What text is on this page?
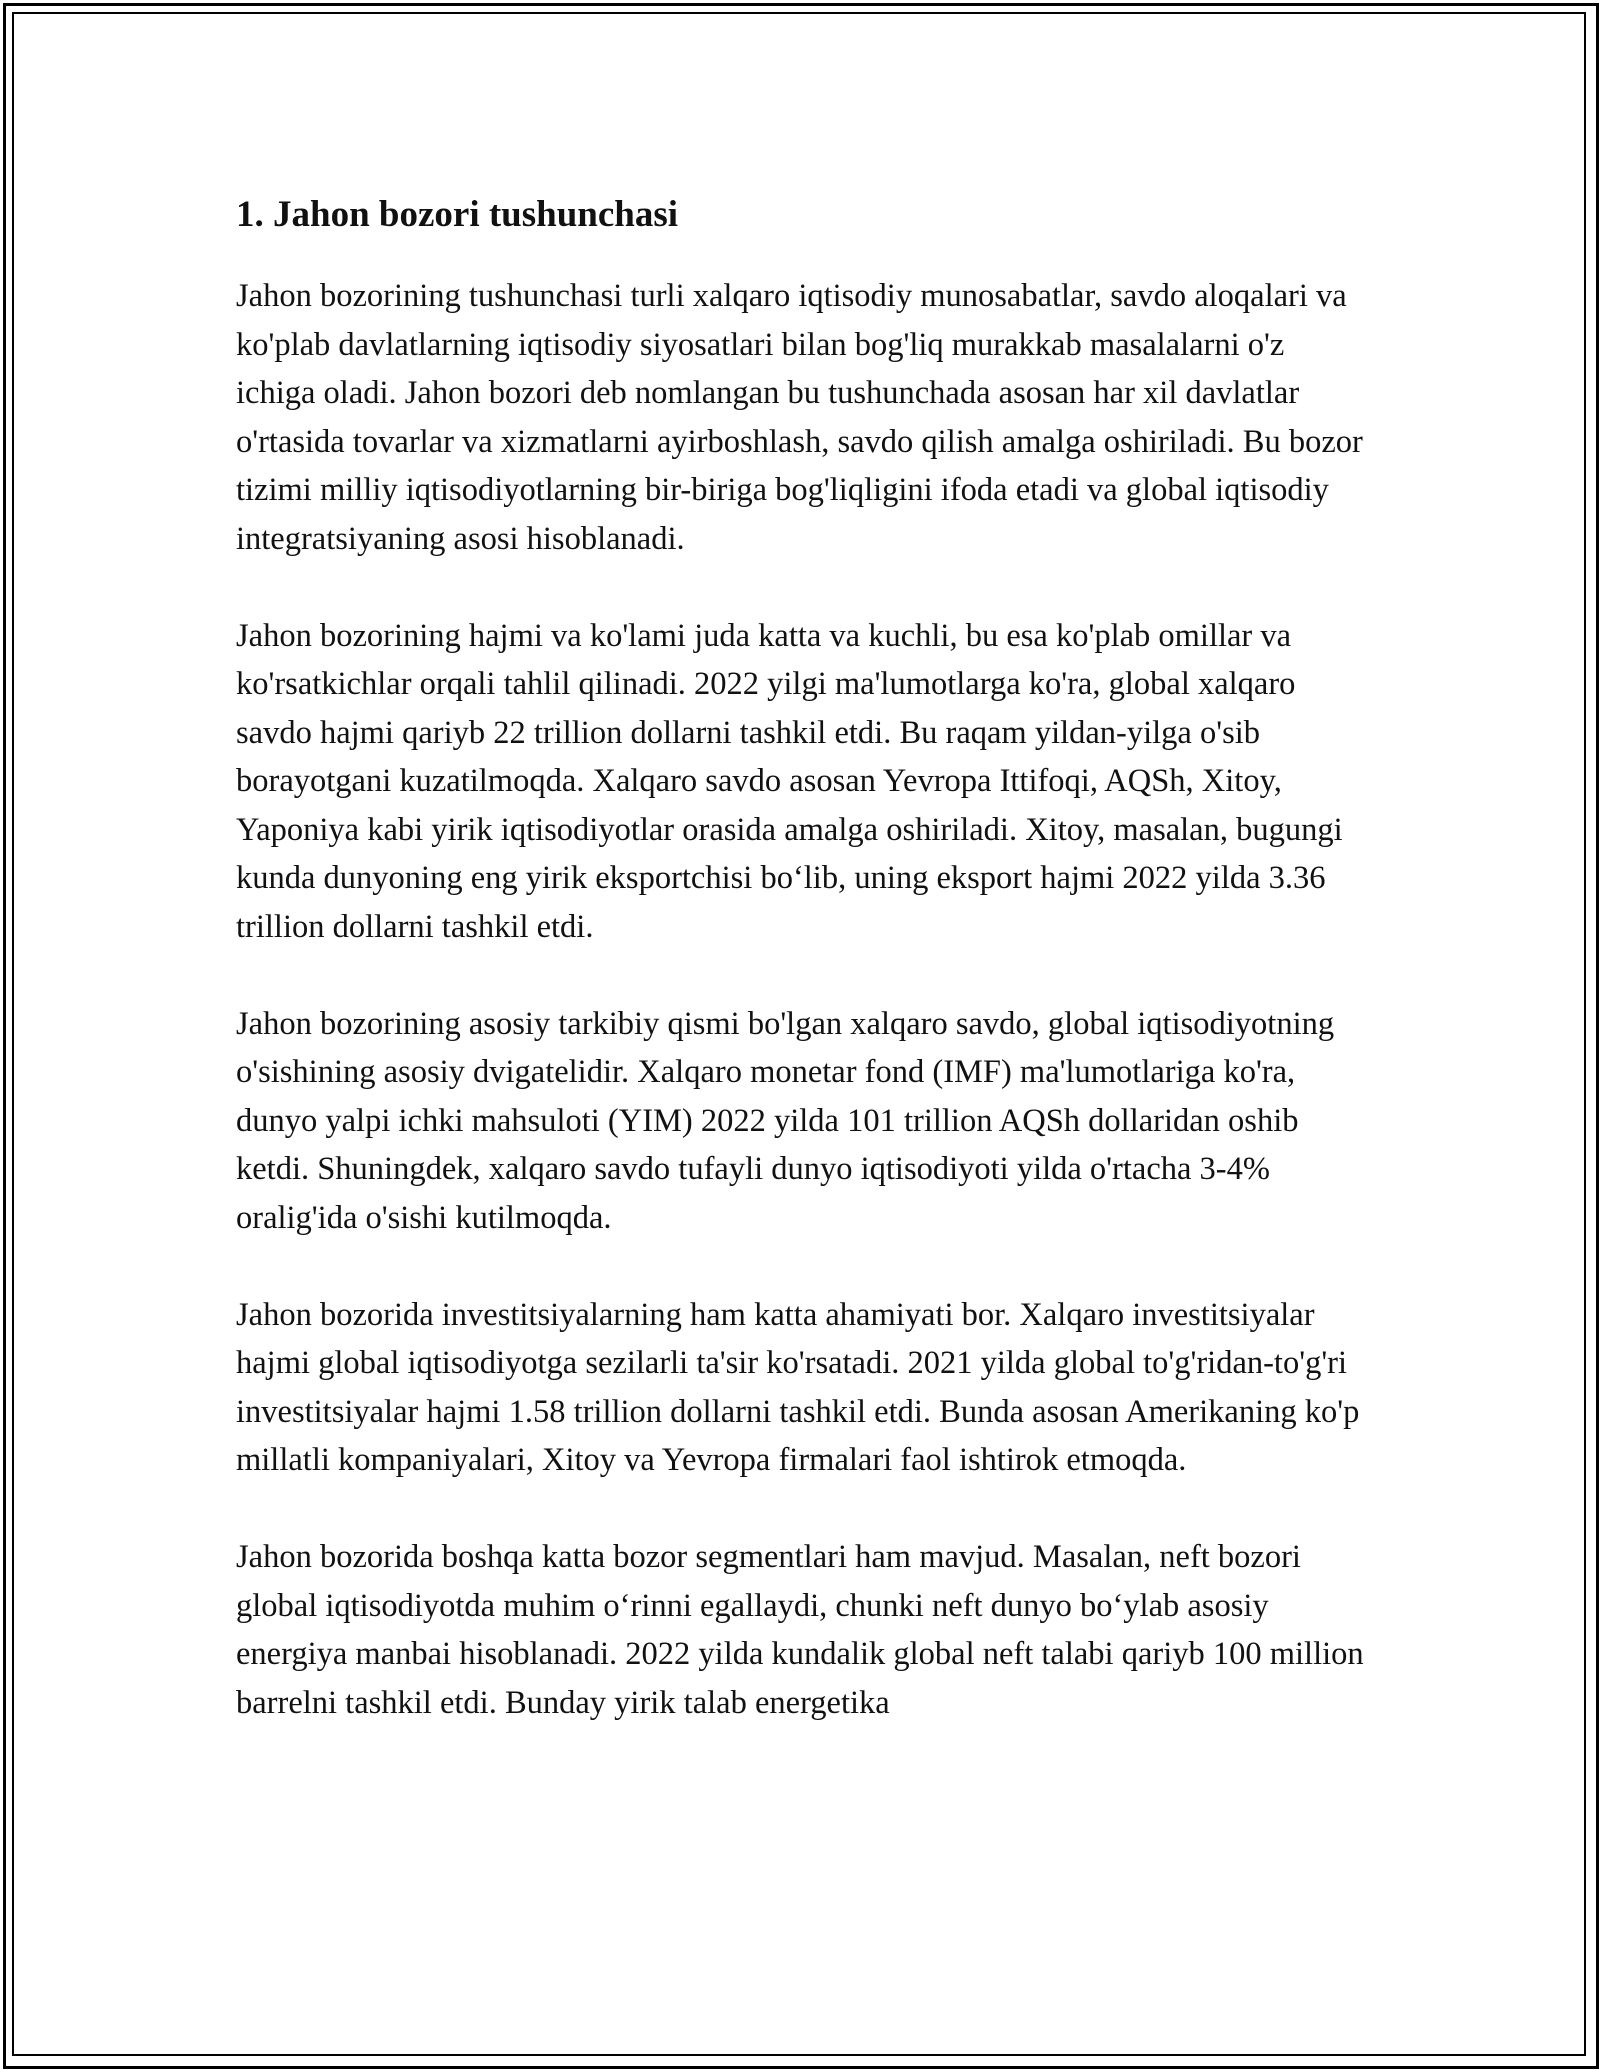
1. Jahon bozori tushunchasi

Jahon bozorining tushunchasi turli xalqaro iqtisodiy munosabatlar, savdo aloqalari va ko'plab davlatlarning iqtisodiy siyosatlari bilan bog'liq murakkab masalalarni o'z ichiga oladi. Jahon bozori deb nomlangan bu tushunchada asosan har xil davlatlar o'rtasida tovarlar va xizmatlarni ayirboshlash, savdo qilish amalga oshiriladi. Bu bozor tizimi milliy iqtisodiyotlarning bir-biriga bog'liqligini ifoda etadi va global iqtisodiy integratsiyaning asosi hisoblanadi.

Jahon bozorining hajmi va ko'lami juda katta va kuchli, bu esa ko'plab omillar va ko'rsatkichlar orqali tahlil qilinadi. 2022 yilgi ma'lumotlarga ko'ra, global xalqaro savdo hajmi qariyb 22 trillion dollarni tashkil etdi. Bu raqam yildan-yilga o'sib borayotgani kuzatilmoqda. Xalqaro savdo asosan Yevropa Ittifoqi, AQSh, Xitoy, Yaponiya kabi yirik iqtisodiyotlar orasida amalga oshiriladi. Xitoy, masalan, bugungi kunda dunyoning eng yirik eksportchisi bo‘lib, uning eksport hajmi 2022 yilda 3.36 trillion dollarni tashkil etdi.

Jahon bozorining asosiy tarkibiy qismi bo'lgan xalqaro savdo, global iqtisodiyotning o'sishining asosiy dvigatelidir. Xalqaro monetar fond (IMF) ma'lumotlariga ko'ra, dunyo yalpi ichki mahsuloti (YIM) 2022 yilda 101 trillion AQSh dollaridan oshib ketdi. Shuningdek, xalqaro savdo tufayli dunyo iqtisodiyoti yilda o'rtacha 3-4% oralig'ida o'sishi kutilmoqda.

Jahon bozorida investitsiyalarning ham katta ahamiyati bor. Xalqaro investitsiyalar hajmi global iqtisodiyotga sezilarli ta'sir ko'rsatadi. 2021 yilda global to'g'ridan-to'g'ri investitsiyalar hajmi 1.58 trillion dollarni tashkil etdi. Bunda asosan Amerikaning ko'p millatli kompaniyalari, Xitoy va Yevropa firmalari faol ishtirok etmoqda.

Jahon bozorida boshqa katta bozor segmentlari ham mavjud. Masalan, neft bozori global iqtisodiyotda muhim o‘rinni egallaydi, chunki neft dunyo bo‘ylab asosiy energiya manbai hisoblanadi. 2022 yilda kundalik global neft talabi qariyb 100 million barrelni tashkil etdi. Bunday yirik talab energetika
